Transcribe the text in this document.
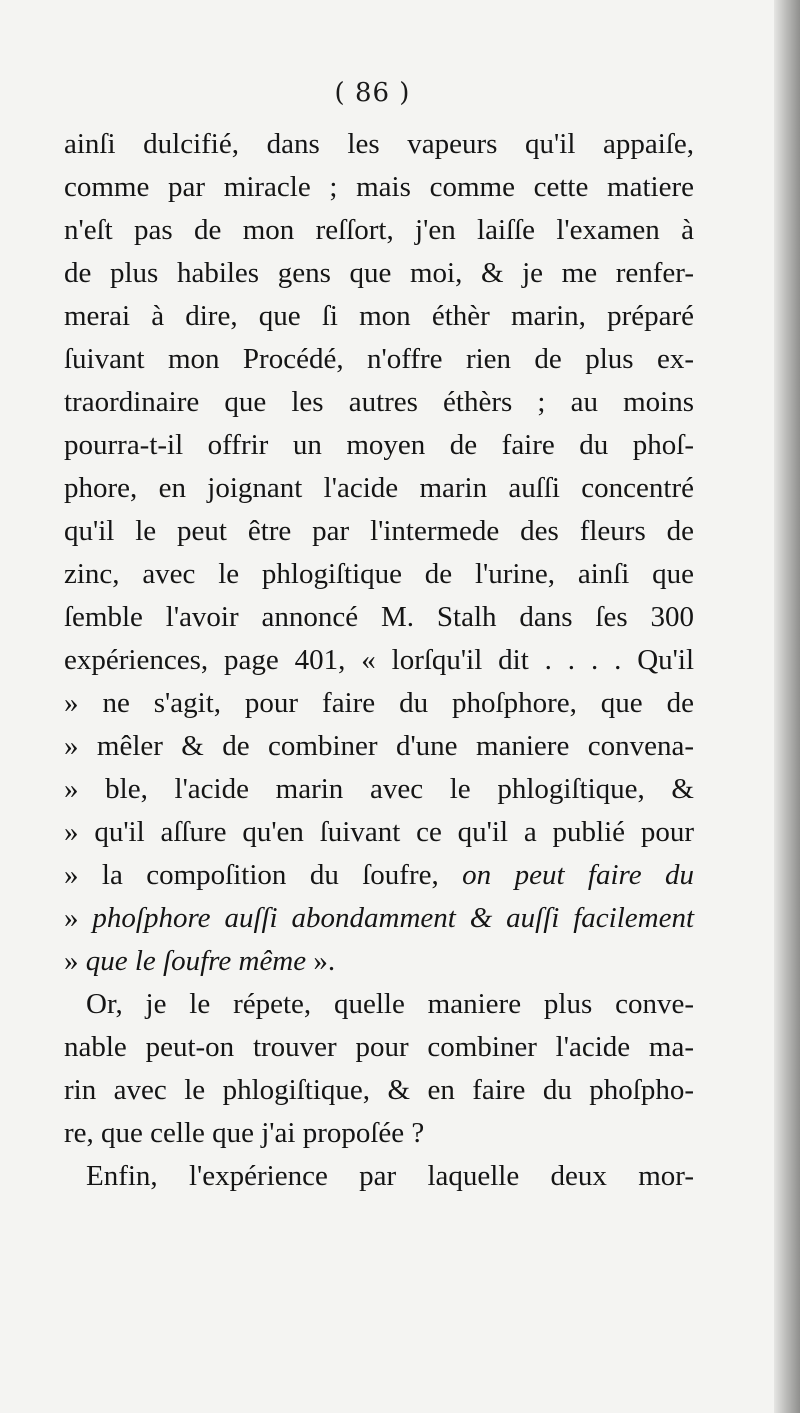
( 86 )
ainſi dulcifié, dans les vapeurs qu'il appaiſe,
comme par miracle ; mais comme cette matiere
n'eſt pas de mon reſſort, j'en laiſſe l'examen à
de plus habiles gens que moi, & je me renfer-
merai à dire, que ſi mon éthèr marin, préparé
ſuivant mon Procédé, n'offre rien de plus ex-
traordinaire que les autres éthèrs ; au moins
pourra-t-il offrir un moyen de faire du phoſ-
phore, en joignant l'acide marin auſſi concentré
qu'il le peut être par l'intermede des fleurs de
zinc, avec le phlogiſtique de l'urine, ainſi que
ſemble l'avoir annoncé M. Stalh dans ſes 300
expériences, page 401, « lorſqu'il dit . . . . Qu'il
» ne s'agit, pour faire du phoſphore, que de
» mêler & de combiner d'une maniere convena-
» ble, l'acide marin avec le phlogiſtique, &
» qu'il aſſure qu'en ſuivant ce qu'il a publié pour
» la compoſition du ſoufre, on peut faire du
» phoſphore auſſi abondamment & auſſi facilement
» que le ſoufre même ».
Or, je le répete, quelle maniere plus conve-
nable peut-on trouver pour combiner l'acide ma-
rin avec le phlogiſtique, & en faire du phoſpho-
re, que celle que j'ai propoſée ?
Enfin, l'expérience par laquelle deux mor-
